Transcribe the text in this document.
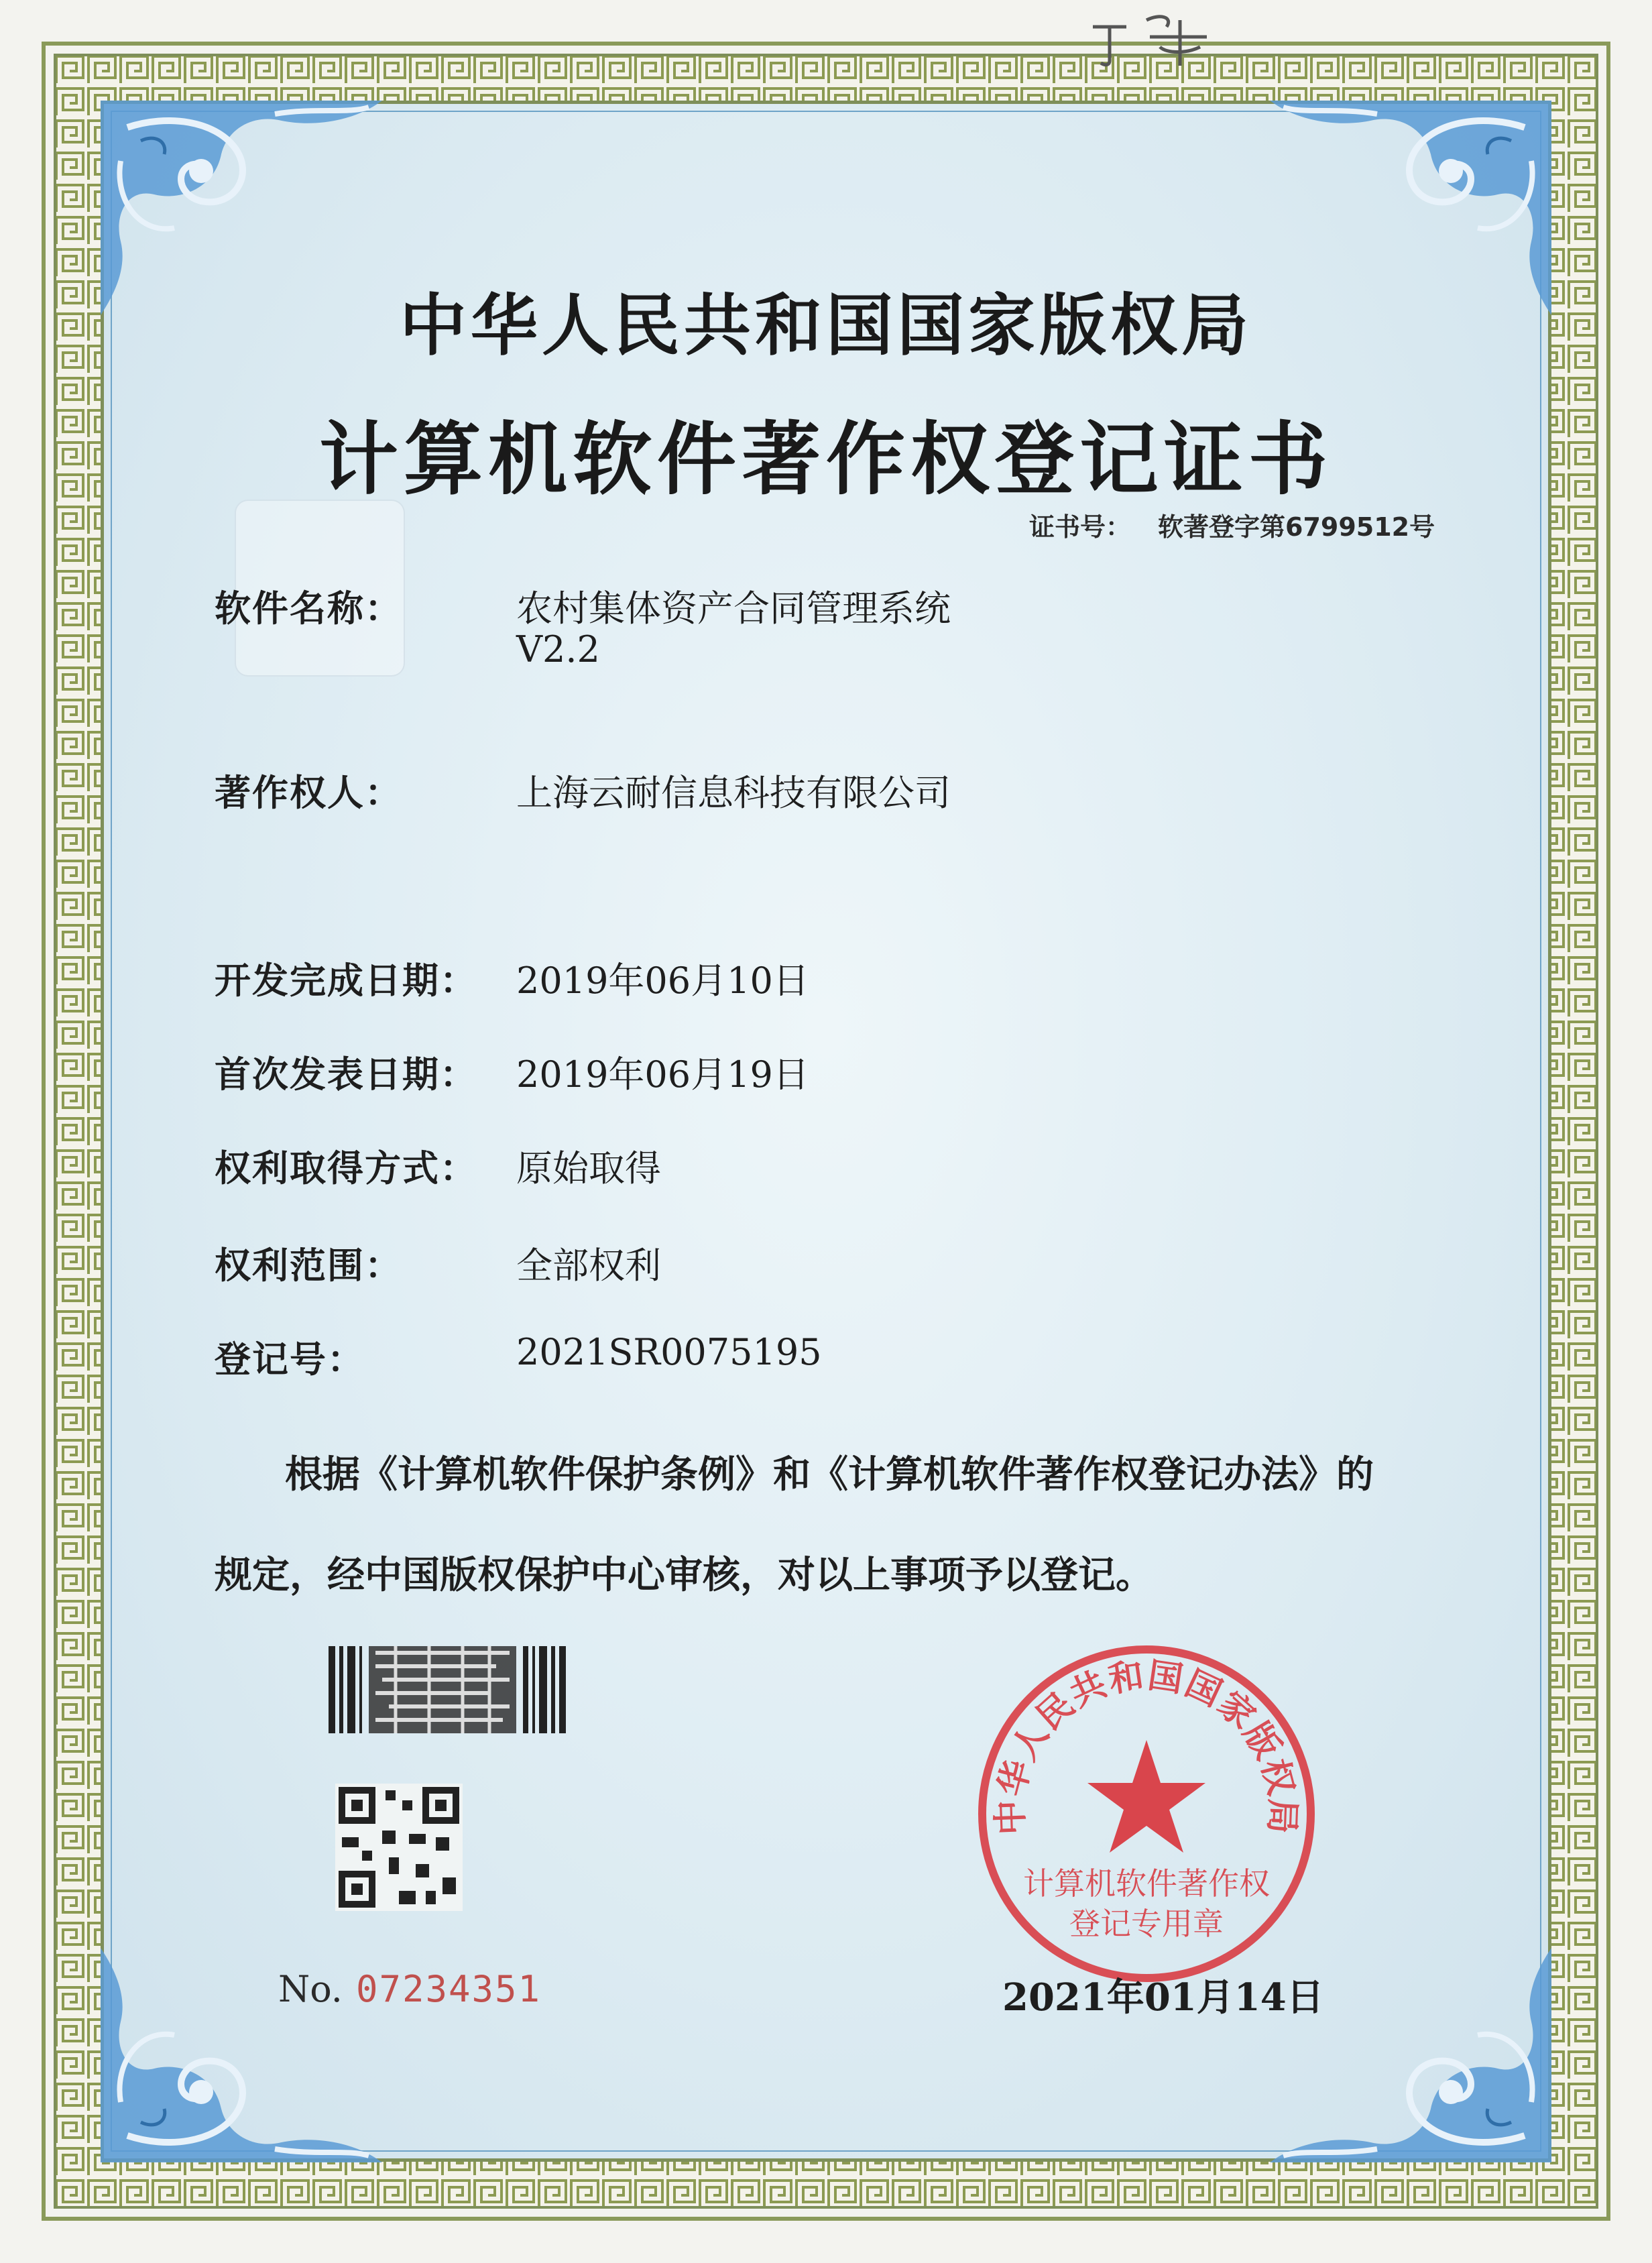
中华人民共和国国家版权局
计算机软件著作权登记证书
证书号： 软著登字第6799512号
软件名称：	农村集体资产合同管理系统
V2.2
著作权人：	上海云耐信息科技有限公司
开发完成日期： 2019年06月10日
首次发表日期： 2019年06月19日
权利取得方式： 原始取得
权利范围：	全部权利
登记号：	2021SR0075195
根据《计算机软件保护条例》和《计算机软件著作权登记办法》的
规定，经中国版权保护中心审核，对以上事项予以登记。
No. 07234351
中华人民共和国国家版权局
计算机软件著作权
登记专用章
2021年01月14日
